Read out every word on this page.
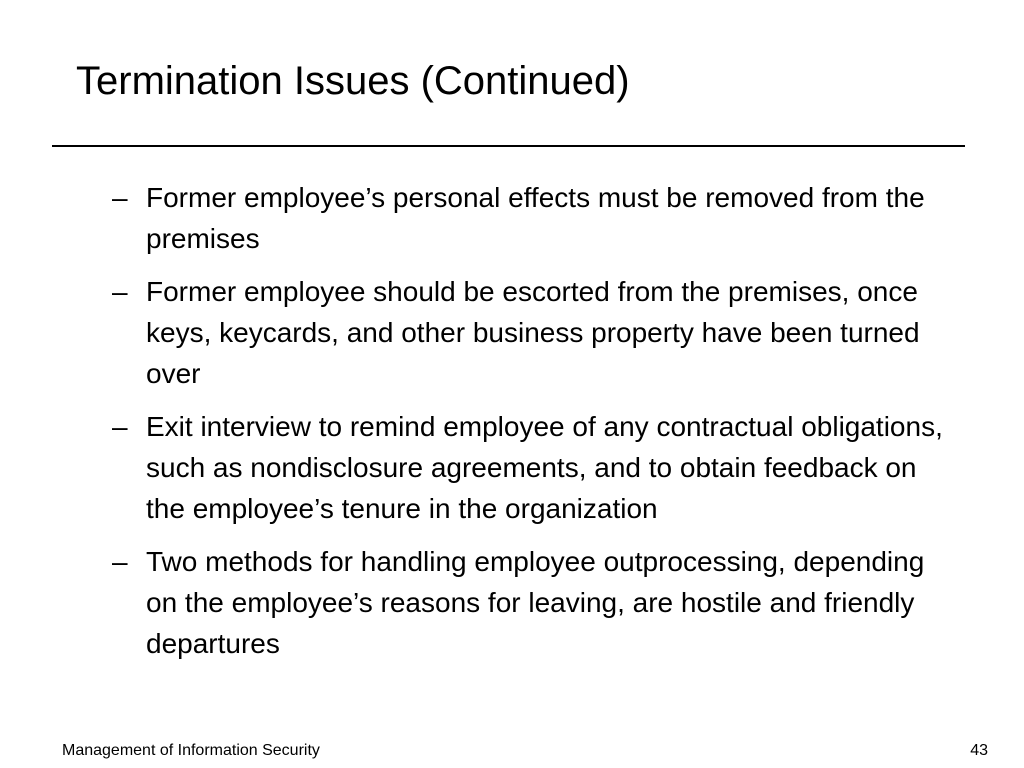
Termination Issues (Continued)
– Former employee’s personal effects must be removed from the premises
– Former employee should be escorted from the premises, once keys, keycards, and other business property have been turned over
– Exit interview to remind employee of any contractual obligations, such as nondisclosure agreements, and to obtain feedback on the employee’s tenure in the organization
– Two methods for handling employee outprocessing, depending on the employee’s reasons for leaving, are hostile and friendly departures
Management of Information Security	43
